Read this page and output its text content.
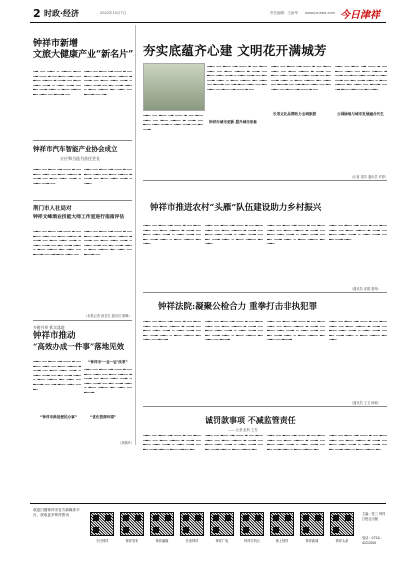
2 时政·经济	2022年10月7日	责任编辑：王新华 www.jxnews.com 今日津祥
钟祥市新增
文旅大健康产业“新名片”
▁▂ ▁▁ ▁▂▁ ▁ ▁▂▁▁ ▂▁▁ ▁▂ ▁▁▁ ▂ ▁▁ ▂▁▁ ▁▂▁ ▁▁ ▂▁▁ ▁▂▁▁ ▂ ▁▁▂ ▁▁ ▂▁▁ ▁▂▁ ▁▁▂ ▁ ▁▂▁ ▁▁▂ ▁▁ ▂▁ ▁▁▂ ▁▂▁ ▁ ▂▁▁ ▁▂▁▁ ▂▁ ▁▂▁ ▁▁ ▂▁▁▂ ▁▁
▁▂▁ ▁▁ ▂▁▁ ▁▂ ▁▁▁ ▂ ▁▁ ▂▁▁ ▁▂▁ ▁▁ ▂▁▁ ▁▂▁▁ ▂ ▁▁▂ ▁▁ ▂▁▁ ▁▂▁ ▁▁▂ ▁ ▁▂▁ ▁▁▂ ▁▁ ▂▁ ▁▁▂ ▁▂▁ ▁ ▂▁▁ ▁▂▁▁ ▂▁ ▁▂▁ ▁▁ ▂▁▁▂ ▁▁ ▁▂
钟祥市汽车智能产业协会成立
万应和当选为首任会长
▁▂▁ ▁▁ ▂▁▁ ▁▂ ▁▁▁ ▂ ▁▁ ▂▁▁ ▁▂▁ ▁▁ ▂▁▁ ▁▂▁▁ ▂ ▁▁▂ ▁▁ ▂▁▁ ▁▂▁ ▁▁▂ ▁ ▁▂▁ ▁▁▂ ▁▁
▁▂▁ ▁▁ ▂▁▁ ▁▂ ▁▁▁ ▂ ▁▁ ▂▁▁ ▁▂▁ ▁▁ ▂▁▁ ▁▂▁▁ ▂ ▁▁▂ ▁▁ ▂▁▁ ▁▂▁ ▁▁▂ ▁ ▁▂▁
荆门市人社局对
钟祥文峰酒业技能大师工作室进行指南评估
▁▂▁ ▁▁ ▂▁▁ ▁▂ ▁▁▁ ▂ ▁▁ ▂▁▁ ▁▂▁ ▁▁ ▂▁▁ ▁▂▁▁ ▂ ▁▁▂ ▁▁ ▂▁▁ ▁▂▁ ▁▁▂ ▁ ▁▂▁ ▁▁▂ ▁▁ ▂▁ ▁▁▂ ▁▂▁ ▁ ▂▁▁ ▁▂▁▁ ▂▁ ▁▂▁ ▁▁ ▂▁▁▂ ▁▁ ▁▂ ▂▁▁ ▁▂▁ ▁▁
▁▂▁ ▁▁ ▂▁▁ ▁▂ ▁▁▁ ▂ ▁▁ ▂▁▁ ▁▂▁ ▁▁ ▂▁▁ ▁▂▁▁ ▂ ▁▁▂ ▁▁ ▂▁▁ ▁▂▁ ▁▁▂ ▁ ▁▂▁ ▁▁▂ ▁▁ ▂▁ ▁▁▂ ▁▂▁ ▁ ▂▁▁ ▁▂▁▁ ▂▁ ▁▂▁ ▁▁ ▂▁▁▂ ▁▁
（本报记者 蒋龙芬 通讯员 陈琳）
多措并举 抓实落地
钟祥市推动
“高效办成一件事”落地见效
▁▂▁ ▁▁ ▂▁▁ ▁▂ ▁▁▁ ▂ ▁▁ ▂▁▁ ▁▂▁ ▁▁ ▂▁▁ ▁▂▁▁ ▂ ▁▁▂ ▁▁ ▂▁▁ ▁▂▁ ▁▁▂ ▁ ▁▂▁ ▁▁▂ ▁▁ ▂▁ ▁▁▂ ▁▂▁ ▁ ▂▁▁ ▁▂▁▁ ▂▁ ▁▂▁ ▁▁ ▂▁▁▂ ▁▁ ▁▂ ▂▁▁ ▁▂▁ ▁▁ ▂▁
“钟祥市‘一业一证’改革”
▁▂▁ ▁▁ ▂▁▁ ▁▂ ▁▁▁ ▂ ▁▁ ▂▁▁ ▁▂▁ ▁▁ ▂▁▁ ▁▂▁▁ ▂ ▁▁▂ ▁▁ ▂▁▁ ▁▂▁ ▁▁▂ ▁ ▁▂▁ ▁▁▂ ▁▁ ▂▁ ▁▁▂ ▁▂▁ ▁ ▂▁▁ ▁▂▁▁ ▂▁ ▁▂▁ ▁▁ ▂▁▁▂
“钟祥市推进便民办事”	“优化营商环境”
（刘佩玲）
夯实底蕴齐心建 文明花开满城芳
▁▂▁ ▁▁ ▂▁▁ ▁▂ ▁▁▁ ▂ ▁▁ ▂▁▁ ▁▂▁ ▁▁ ▂▁▁ ▁▂▁▁ ▂ ▁▁▂ ▁▁ ▂▁▁ ▁▂▁ ▁▁▂ ▁ ▁▂▁ ▁▁▂ ▁▁ ▂▁ ▁▁▂
▁▂▁ ▁▁ ▂▁▁ ▁▂ ▁▁▁ ▂ ▁▁ ▂▁▁ ▁▂▁ ▁▁ ▂▁▁ ▁▂▁▁ ▂ ▁▁▂ ▁▁ ▂▁▁ ▁▂▁ ▁▁▂ ▁ ▁▂▁ ▁▁▂ ▁▁ ▂▁ ▁▁▂ ▁▂▁ ▁ ▂▁▁ ▁▂▁▁ ▂▁ ▁▂▁ ▁▁ ▂▁▁▂ ▁▁ ▁▂ ▂▁▁ ▁▂▁ ▁▁ ▂▁ ▁▂▁ ▁▁ ▂▁▁ ▁▂ ▁▁▁ ▂ ▁▁
钟祥市城市更新 提升城市形象
▁▂▁ ▁▁ ▂▁▁ ▁▂ ▁▁▁ ▂ ▁▁ ▂▁▁ ▁▂▁ ▁▁ ▂▁▁ ▁▂▁▁ ▂ ▁▁▂ ▁▁ ▂▁▁ ▁▂▁ ▁▁▂ ▁ ▁▂▁ ▁▁▂ ▁▁ ▂▁ ▁▁▂ ▁▂▁ ▁ ▂▁▁ ▁▂▁▁ ▂▁ ▁▂▁ ▁▁ ▂▁▁▂ ▁▁ ▁▂ ▂▁▁ ▁▂▁ ▁▁ ▂▁ ▁▂▁ ▁▁ ▂▁▁ ▁▂ ▁▁▁ ▂ ▁▁
长寿文化品牌助力全域旅游
▁▂▁ ▁▁ ▂▁▁ ▁▂ ▁▁▁ ▂ ▁▁ ▂▁▁ ▁▂▁ ▁▁ ▂▁▁ ▁▂▁▁ ▂ ▁▁▂ ▁▁ ▂▁▁ ▁▂▁ ▁▁▂ ▁ ▁▂▁ ▁▁▂ ▁▁ ▂▁ ▁▁▂ ▁▂▁ ▁ ▂▁▁ ▁▂▁▁ ▂▁ ▁▂▁ ▁▁ ▂▁▁▂ ▁▁ ▁▂ ▂▁▁ ▁▂▁ ▁▁ ▂▁ ▁▂▁
公园绿地与城市发展融合共生
（记者 周芳 通讯员 许婷）
钟祥市推进农村“头雁”队伍建设助力乡村振兴
▁▂▁ ▁▁ ▂▁▁ ▁▂ ▁▁▁ ▂ ▁▁ ▂▁▁ ▁▂▁ ▁▁ ▂▁▁ ▁▂▁▁ ▂ ▁▁▂ ▁▁ ▂▁▁ ▁▂▁ ▁▁▂ ▁ ▁▂▁ ▁▁▂ ▁▁ ▂▁ ▁▁▂ ▁▂▁ ▁ ▂▁▁ ▁▂▁▁ ▂▁ ▁▂▁
▁▂▁ ▁▁ ▂▁▁ ▁▂ ▁▁▁ ▂ ▁▁ ▂▁▁ ▁▂▁ ▁▁ ▂▁▁ ▁▂▁▁ ▂ ▁▁▂ ▁▁ ▂▁▁ ▁▂▁ ▁▁▂ ▁ ▁▂▁ ▁▁▂ ▁▁ ▂▁ ▁▁▂ ▁▂▁ ▁ ▂▁▁ ▁▂▁▁ ▂▁ ▁▂▁
▁▂▁ ▁▁ ▂▁▁ ▁▂ ▁▁▁ ▂ ▁▁ ▂▁▁ ▁▂▁ ▁▁ ▂▁▁ ▁▂▁▁ ▂ ▁▁▂ ▁▁ ▂▁▁ ▁▂▁ ▁▁▂ ▁ ▁▂▁ ▁▁▂ ▁▁ ▂▁ ▁▁▂ ▁▂▁ ▁ ▂▁▁ ▁▂▁▁ ▂▁ ▁▂▁
▁▂▁ ▁▁ ▂▁▁ ▁▂ ▁▁▁ ▂ ▁▁ ▂▁▁ ▁▂▁ ▁▁ ▂▁▁ ▁▂▁▁ ▂ ▁▁▂ ▁▁ ▂▁▁ ▁▂▁ ▁▁▂ ▁ ▁▂▁ ▁▁▂ ▁▁ ▂▁ ▁▁▂ ▁▂▁
（通讯员 邓建 胡炜）
钟祥法院:凝聚公检合力 重拳打击非执犯罪
▁▂▁ ▁▁ ▂▁▁ ▁▂ ▁▁▁ ▂ ▁▁ ▂▁▁ ▁▂▁ ▁▁ ▂▁▁ ▁▂▁▁ ▂ ▁▁▂ ▁▁ ▂▁▁ ▁▂▁ ▁▁▂ ▁ ▁▂▁ ▁▁▂ ▁▁ ▂▁ ▁▁▂ ▁▂▁ ▁ ▂▁▁ ▁▂▁▁ ▂▁ ▁▂▁ ▁▁ ▂▁▁▂
▁▂▁ ▁▁ ▂▁▁ ▁▂ ▁▁▁ ▂ ▁▁ ▂▁▁ ▁▂▁ ▁▁ ▂▁▁ ▁▂▁▁ ▂ ▁▁▂ ▁▁ ▂▁▁ ▁▂▁ ▁▁▂ ▁ ▁▂▁ ▁▁▂ ▁▁ ▂▁ ▁▁▂ ▁▂▁ ▁ ▂▁▁ ▁▂▁▁ ▂▁ ▁▂▁ ▁▁ ▂▁▁▂
▁▂▁ ▁▁ ▂▁▁ ▁▂ ▁▁▁ ▂ ▁▁ ▂▁▁ ▁▂▁ ▁▁ ▂▁▁ ▁▂▁▁ ▂ ▁▁▂ ▁▁ ▂▁▁ ▁▂▁ ▁▁▂ ▁ ▁▂▁ ▁▁▂ ▁▁ ▂▁ ▁▁▂ ▁▂▁ ▁ ▂▁▁ ▁▂▁▁ ▂▁ ▁▂▁ ▁▁ ▂▁▁▂
▁▂▁ ▁▁ ▂▁▁ ▁▂ ▁▁▁ ▂ ▁▁ ▂▁▁ ▁▂▁ ▁▁ ▂▁▁ ▁▂▁▁ ▂ ▁▁▂ ▁▁ ▂▁▁ ▁▂▁ ▁▁▂ ▁ ▁▂▁ ▁▁▂ ▁▁ ▂▁ ▁▁▂ ▁▂▁ ▁ ▂▁▁ ▁▂▁▁ ▂▁ ▁▂▁
（通讯员 王卫 杨敏）
诚罚款事项 不减监管责任
—— 记者 赵科 王芳
▁▂▁ ▁▁ ▂▁▁ ▁▂ ▁▁▁ ▂ ▁▁ ▂▁▁ ▁▂▁ ▁▁ ▂▁▁ ▁▂▁▁ ▂ ▁▁▂ ▁▁ ▂▁▁ ▁▂▁ ▁▁▂ ▁ ▁▂▁ ▁▁▂ ▁▁ ▂▁ ▁▁▂ ▁▂▁ ▁ ▂▁▁ ▁▂▁▁ ▂▁
▁▂▁ ▁▁ ▂▁▁ ▁▂ ▁▁▁ ▂ ▁▁ ▂▁▁ ▁▂▁ ▁▁ ▂▁▁ ▁▂▁▁ ▂ ▁▁▂ ▁▁ ▂▁▁ ▁▂▁ ▁▁▂ ▁ ▁▂▁ ▁▁▂ ▁▁ ▂▁ ▁▁▂ ▁▂▁ ▁ ▂▁▁ ▁▂▁▁ ▂▁
▁▂▁ ▁▁ ▂▁▁ ▁▂ ▁▁▁ ▂ ▁▁ ▂▁▁ ▁▂▁ ▁▁ ▂▁▁ ▁▂▁▁ ▂ ▁▁▂ ▁▁ ▂▁▁ ▁▂▁ ▁▁▂ ▁ ▁▂▁ ▁▁▂ ▁▁ ▂▁ ▁▁▂ ▁▂▁ ▁ ▂▁▁ ▁▂▁▁ ▂▁
▁▂▁ ▁▁ ▂▁▁ ▁▂ ▁▁▁ ▂ ▁▁ ▂▁▁ ▁▂▁ ▁▁ ▂▁▁ ▁▂▁▁ ▂ ▁▁▂ ▁▁ ▂▁▁ ▁▂▁ ▁▁▂ ▁ ▁▂▁ ▁▁▂ ▁▁ ▂▁ ▁▁▂ ▁▂▁ ▁ ▂▁▁ ▁▂▁▁ ▂▁
欢迎扫描钟祥市官方新媒体平台，获取更多钟祥资讯
今日钟祥	钟祥发布	钟祥融媒	长寿钟祥	钟祥广电	钟祥手机台	掌上钟祥	钟祥新闻	钟祥头条
主编：张三 钟祥日报社出版
电话：0724-4222000
